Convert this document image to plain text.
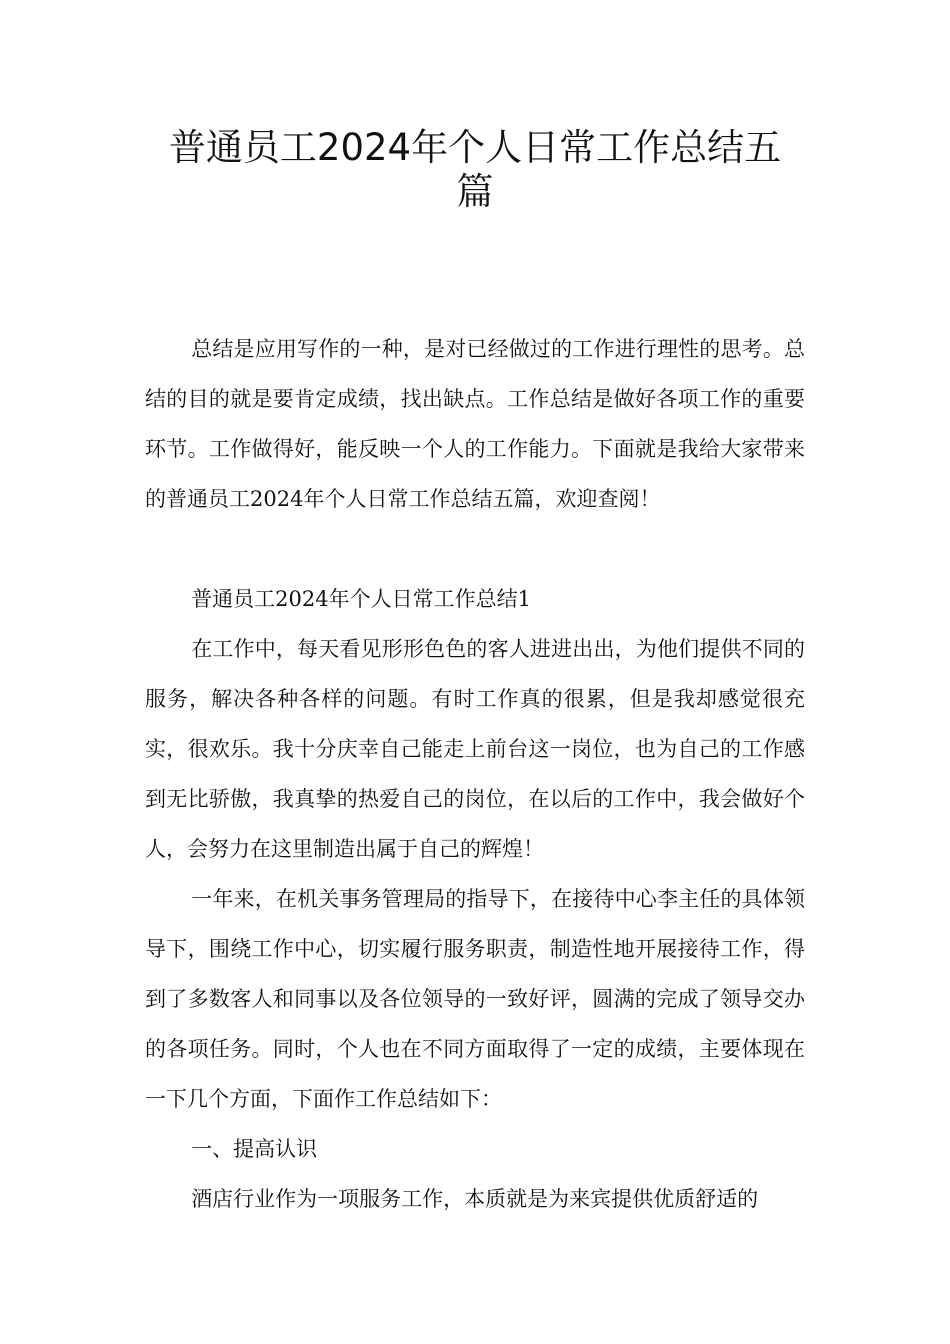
普通员工2024年个人日常工作总结五
篇

总结是应用写作的一种，是对已经做过的工作进行理性的思考。总结的目的就是要肯定成绩，找出缺点。工作总结是做好各项工作的重要环节。工作做得好，能反映一个人的工作能力。下面就是我给大家带来的普通员工2024年个人日常工作总结五篇，欢迎查阅！

普通员工2024年个人日常工作总结1

在工作中，每天看见形形色色的客人进进出出，为他们提供不同的服务，解决各种各样的问题。有时工作真的很累，但是我却感觉很充实，很欢乐。我十分庆幸自己能走上前台这一岗位，也为自己的工作感到无比骄傲，我真挚的热爱自己的岗位，在以后的工作中，我会做好个人，会努力在这里制造出属于自己的辉煌！

一年来，在机关事务管理局的指导下，在接待中心李主任的具体领导下，围绕工作中心，切实履行服务职责，制造性地开展接待工作，得到了多数客人和同事以及各位领导的一致好评，圆满的完成了领导交办的各项任务。同时，个人也在不同方面取得了一定的成绩，主要体现在一下几个方面，下面作工作总结如下：

一、提高认识

酒店行业作为一项服务工作，本质就是为来宾提供优质舒适的
